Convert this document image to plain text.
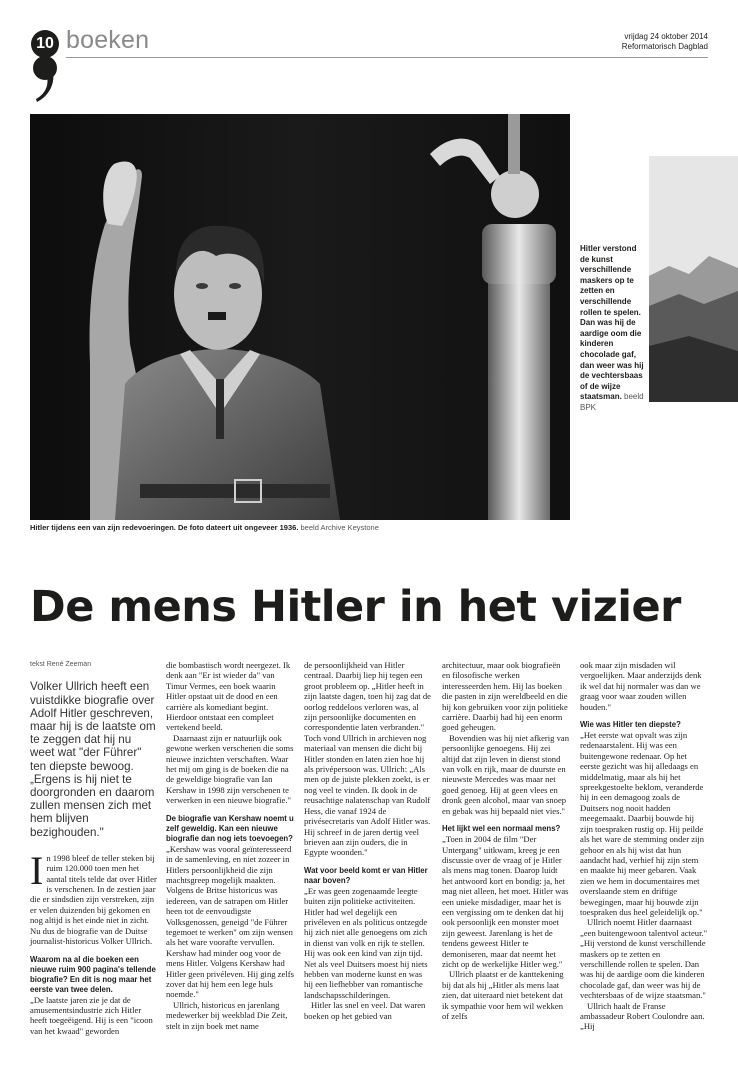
10 boeken	vrijdag 24 oktober 2014
Reformatorisch Dagblad
Hitler tijdens een van zijn redevoeringen. De foto dateert uit ongeveer 1936. beeld Archive Keystone
Hitler verstond de kunst verschillende maskers op te zetten en verschillende rollen te spelen. Dan was hij de aardige oom die kinderen chocolade gaf, dan weer was hij de vechtersbaas of de wijze staatsman. beeld BPK
De mens Hitler in het vizier
tekst René Zeeman
Volker Ullrich heeft een vuistdikke biografie over Adolf Hitler geschreven, maar hij is de laatste om te zeggen dat hij nu weet wat "der Führer" ten diepste bewoog. „Ergens is hij niet te doorgronden en daarom zullen mensen zich met hem blijven bezighouden."
I n 1998 bleef de teller steken bij ruim 120.000 toen men het aantal titels telde dat over Hitler is verschenen. In de zestien jaar die er sindsdien zijn verstreken, zijn er velen duizenden bij gekomen en nog altijd is het einde niet in zicht. Nu dus de biografie van de Duitse journalist-historicus Volker Ullrich.

Waarom na al die boeken een nieuwe ruim 900 pagina's tellende biografie? En dit is nog maar het eerste van twee delen.

„De laatste jaren zie je dat de amusementsindustrie zich Hitler heeft toegeëigend. Hij is een "icoon van het kwaad" geworden

die bombastisch wordt neergezet. Ik denk aan "Er ist wieder da" van Timur Vermes, een boek waarin Hitler opstaat uit de dood en een carrière als komediant begint. Hierdoor ontstaat een compleet vertekend beeld.

Daarnaast zijn er natuurlijk ook gewone werken verschenen die soms nieuwe inzichten verschaften. Waar het mij om ging is de boeken die na de geweldige biografie van Ian Kershaw in 1998 zijn verschenen te verwerken in een nieuwe biografie."

De biografie van Kershaw noemt u zelf geweldig. Kan een nieuwe biografie dan nog iets toevoegen?

„Kershaw was vooral geïnteresseerd in de samenleving, en niet zozeer in Hitlers persoonlijkheid die zijn machtsgreep mogelijk maakten. Volgens de Britse historicus was iedereen, van de satrapen om Hitler heen tot de eenvoudigste Volksgenossen, geneigd "de Führer tegemoet te werken" om zijn wensen als het ware voorafte vervullen. Kershaw had minder oog voor de mens Hitler. Volgens Kershaw had Hitler geen privéleven. Hij ging zelfs zover dat hij hem een lege huls noemde."

Ullrich, historicus en jarenlang medewerker bij weekblad Die Zeit, stelt in zijn boek met name

de persoonlijkheid van Hitler centraal. Daarbij liep hij tegen een groot probleem op. „Hitler heeft in zijn laatste dagen, toen hij zag dat de oorlog reddeloos verloren was, al zijn persoonlijke documenten en correspondentie laten verbranden." Toch vond Ullrich in archieven nog materiaal van mensen die dicht bij Hitler stonden en laten zien hoe hij als privépersoon was. Ullrich: „Als men op de juiste plekken zoekt, is er nog veel te vinden. Ik dook in de reusachtige nalatenschap van Rudolf Hess, die vanaf 1924 de privésecretaris van Adolf Hitler was. Hij schreef in de jaren dertig veel brieven aan zijn ouders, die in Egypte woonden."

Wat voor beeld komt er van Hitler naar boven?

„Er was geen zogenaamde leegte buiten zijn politieke activiteiten. Hitler had wel degelijk een privéleven en als politicus ontzegde hij zich niet alle genoegens om zich in dienst van volk en rijk te stellen. Hij was ook een kind van zijn tijd. Net als veel Duitsers moest hij niets hebben van moderne kunst en was hij een liefhebber van romantische landschapsschilderingen.

Hitler las snel en veel. Dat waren boeken op het gebied van

architectuur, maar ook biografieën en filosofische werken interesseerden hem. Hij las boeken die pasten in zijn wereldbeeld en die hij kon gebruiken voor zijn politieke carrière. Daarbij had hij een enorm goed geheugen.

Bovendien was hij niet afkerig van persoonlijke genoegens. Hij zei altijd dat zijn leven in dienst stond van volk en rijk, maar de duurste en nieuwste Mercedes was maar net goed genoeg. Hij at geen vlees en dronk geen alcohol, maar van snoep en gebak was hij bepaald niet vies."

Het lijkt wel een normaal mens?

„Toen in 2004 de film "Der Untergang" uitkwam, kreeg je een discussie over de vraag of je Hitler als mens mag tonen. Daarop luidt het antwoord kort en bondig: ja, het mag niet alleen, het moet. Hitler was een unieke misdadiger, maar het is een vergissing om te denken dat hij ook persoonlijk een monster moet zijn geweest. Jarenlang is het de tendens geweest Hitler te demoniseren, maar dat neemt het zicht op de werkelijke Hitler weg."

Ullrich plaatst er de kanttekening bij dat als hij „Hitler als mens laat zien, dat uiteraard niet betekent dat ik sympathie voor hem wil wekken of zelfs

ook maar zijn misdaden wil vergoelijken. Maar anderzijds denk ik wel dat hij normaler was dan we graag voor waar zouden willen houden."

Wie was Hitler ten diepste?

„Het eerste wat opvalt was zijn redenaarstalent. Hij was een buitengewone redenaar. Op het eerste gezicht was hij alledaags en middelmatig, maar als hij het spreekgestoelte beklom, veranderde hij in een demagoog zoals de Duitsers nog nooit hadden meegemaakt. Daarbij bouwde hij zijn toespraken rustig op. Hij peilde als het ware de stemming onder zijn gehoor en als hij wist dat hun aandacht had, verhief hij zijn stem en maakte hij meer gebaren. Vaak zien we hem in documentaires met overslaande stem en driftige bewegingen, maar hij bouwde zijn toespraken dus heel geleidelijk op."

Ullrich noemt Hitler daarnaast „een buitengewoon talentvol acteur." „Hij verstond de kunst verschillende maskers op te zetten en verschillende rollen te spelen. Dan was hij de aardige oom die kinderen chocolade gaf, dan weer was hij de vechtersbaas of de wijze staatsman."

Ullrich haalt de Franse ambassadeur Robert Coulondre aan. „Hij
